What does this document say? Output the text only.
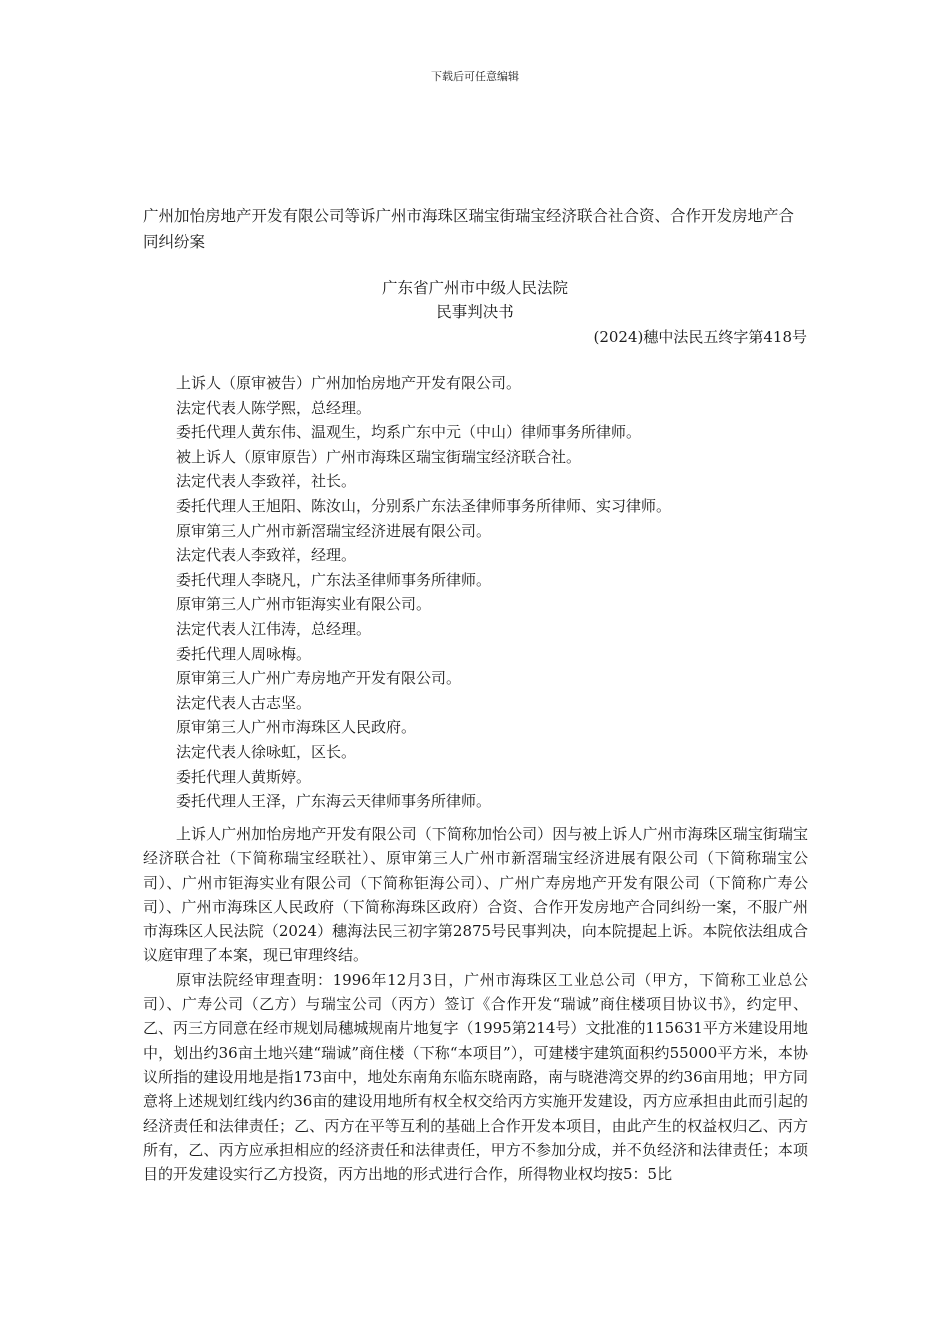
下载后可任意编辑
广州加怡房地产开发有限公司等诉广州市海珠区瑞宝街瑞宝经济联合社合资、合作开发房地产合同纠纷案
广东省广州市中级人民法院
民事判决书
(2024)穗中法民五终字第418号
上诉人（原审被告）广州加怡房地产开发有限公司。
法定代表人陈学熙，总经理。
委托代理人黄东伟、温观生，均系广东中元（中山）律师事务所律师。
被上诉人（原审原告）广州市海珠区瑞宝街瑞宝经济联合社。
法定代表人李致祥，社长。
委托代理人王旭阳、陈汝山，分别系广东法圣律师事务所律师、实习律师。
原审第三人广州市新滘瑞宝经济进展有限公司。
法定代表人李致祥，经理。
委托代理人李晓凡，广东法圣律师事务所律师。
原审第三人广州市钜海实业有限公司。
法定代表人江伟涛，总经理。
委托代理人周咏梅。
原审第三人广州广寿房地产开发有限公司。
法定代表人古志坚。
原审第三人广州市海珠区人民政府。
法定代表人徐咏虹，区长。
委托代理人黄斯婷。
委托代理人王泽，广东海云天律师事务所律师。

上诉人广州加怡房地产开发有限公司（下简称加怡公司）因与被上诉人广州市海珠区瑞宝街瑞宝经济联合社（下简称瑞宝经联社）、原审第三人广州市新滘瑞宝经济进展有限公司（下简称瑞宝公司）、广州市钜海实业有限公司（下简称钜海公司）、广州广寿房地产开发有限公司（下简称广寿公司）、广州市海珠区人民政府（下简称海珠区政府）合资、合作开发房地产合同纠纷一案，不服广州市海珠区人民法院（2024）穗海法民三初字第2875号民事判决，向本院提起上诉。本院依法组成合议庭审理了本案，现已审理终结。

原审法院经审理查明：1996年12月3日，广州市海珠区工业总公司（甲方，下简称工业总公司）、广寿公司（乙方）与瑞宝公司（丙方）签订《合作开发“瑞诚”商住楼项目协议书》，约定甲、乙、丙三方同意在经市规划局穗城规南片地复字（1995第214号）文批准的115631平方米建设用地中，划出约36亩土地兴建“瑞诚”商住楼（下称“本项目”），可建楼宇建筑面积约55000平方米，本协议所指的建设用地是指173亩中，地处东南角东临东晓南路，南与晓港湾交界的约36亩用地；甲方同意将上述规划红线内约36亩的建设用地所有权全权交给丙方实施开发建设，丙方应承担由此而引起的经济责任和法律责任；乙、丙方在平等互利的基础上合作开发本项目，由此产生的权益权归乙、丙方所有，乙、丙方应承担相应的经济责任和法律责任，甲方不参加分成，并不负经济和法律责任；本项目的开发建设实行乙方投资，丙方出地的形式进行合作，所得物业权均按5：5比
